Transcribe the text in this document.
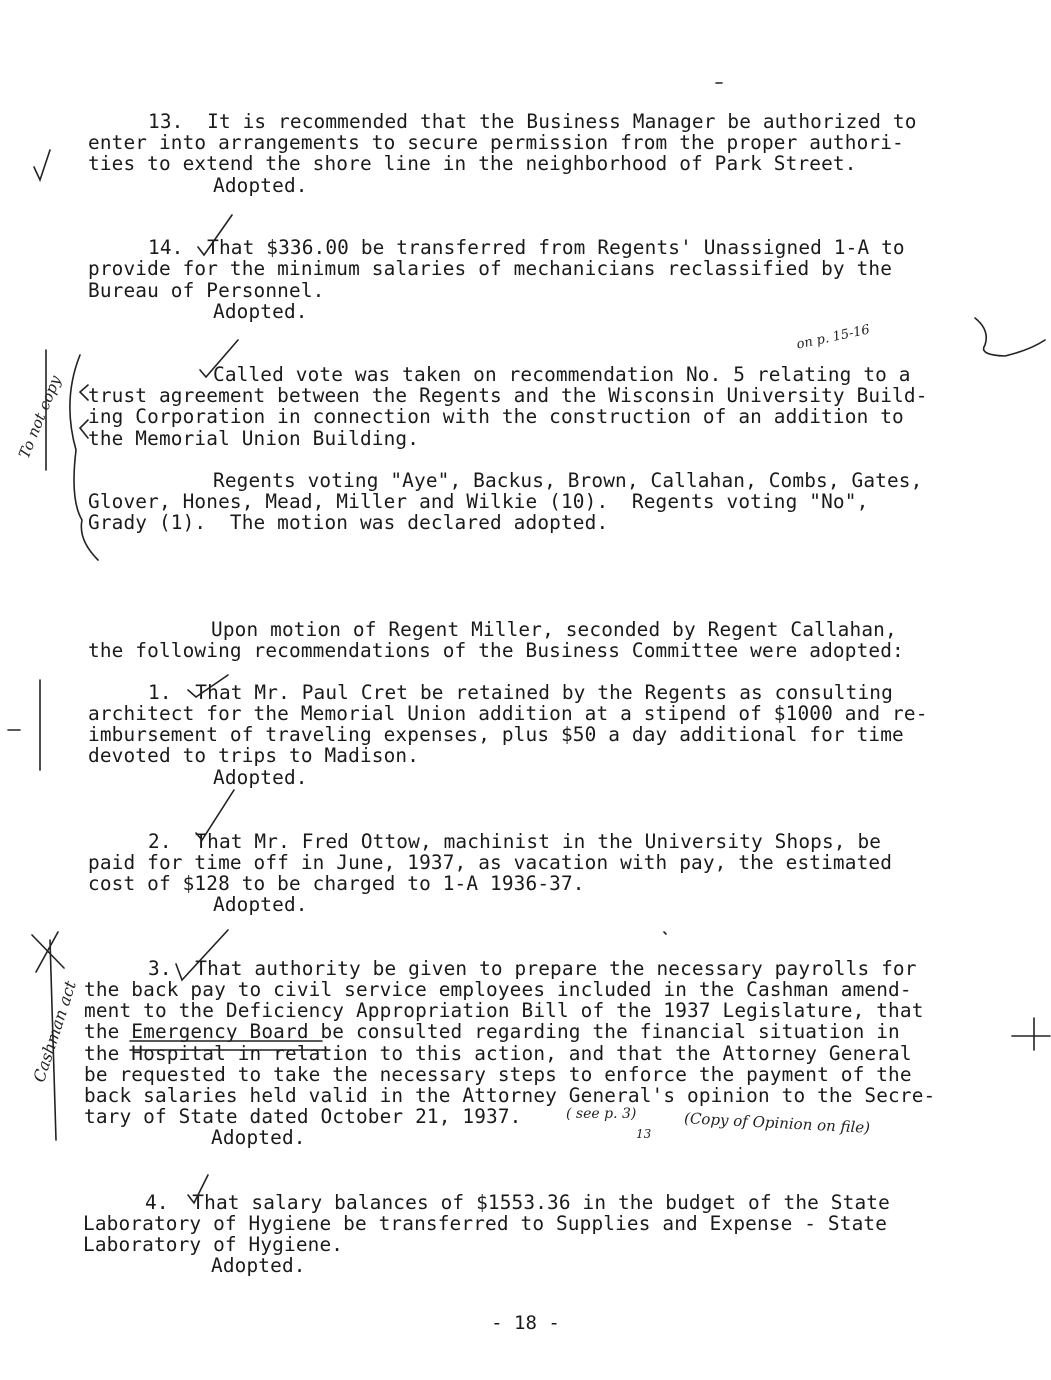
13.  It is recommended that the Business Manager be authorized to
enter into arrangements to secure permission from the proper authori-
ties to extend the shore line in the neighborhood of Park Street.
Adopted.
14.  That $336.00 be transferred from Regents' Unassigned 1-A to
provide for the minimum salaries of mechanicians reclassified by the
Bureau of Personnel.
Adopted.
Called vote was taken on recommendation No. 5 relating to a
trust agreement between the Regents and the Wisconsin University Build-
ing Corporation in connection with the construction of an addition to
the Memorial Union Building.
Regents voting "Aye", Backus, Brown, Callahan, Combs, Gates,
Glover, Hones, Mead, Miller and Wilkie (10).  Regents voting "No",
Grady (1).  The motion was declared adopted.
Upon motion of Regent Miller, seconded by Regent Callahan,
the following recommendations of the Business Committee were adopted:
1.  That Mr. Paul Cret be retained by the Regents as consulting
architect for the Memorial Union addition at a stipend of $1000 and re-
imbursement of traveling expenses, plus $50 a day additional for time
devoted to trips to Madison.
Adopted.
2.  That Mr. Fred Ottow, machinist in the University Shops, be
paid for time off in June, 1937, as vacation with pay, the estimated
cost of $128 to be charged to 1-A 1936-37.
Adopted.
3.  That authority be given to prepare the necessary payrolls for
the back pay to civil service employees included in the Cashman amend-
ment to the Deficiency Appropriation Bill of the 1937 Legislature, that
the Emergency Board be consulted regarding the financial situation in
the Hospital in relation to this action, and that the Attorney General
be requested to take the necessary steps to enforce the payment of the
back salaries held valid in the Attorney General's opinion to the Secre-
tary of State dated October 21, 1937.
Adopted.
4.  That salary balances of $1553.36 in the budget of the State
Laboratory of Hygiene be transferred to Supplies and Expense - State
Laboratory of Hygiene.
Adopted.
on p. 15-16
( see p. 3)
13 (Copy of Opinion on file)
To not copy
Cashman act
- 18 -
